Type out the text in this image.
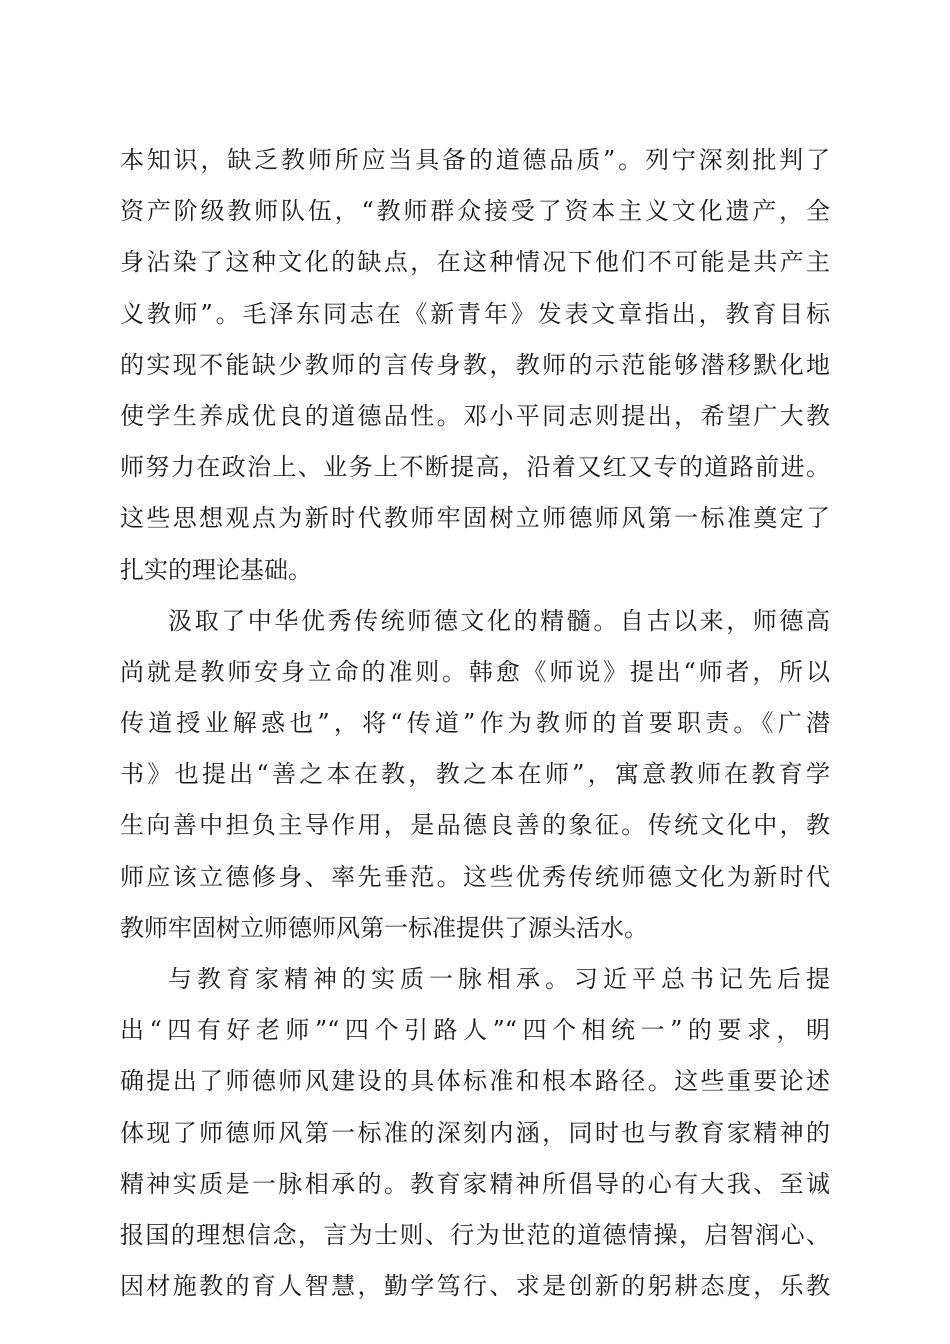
本知识，缺乏教师所应当具备的道德品质”。列宁深刻批判了
资产阶级教师队伍，“教师群众接受了资本主义文化遗产，全
身沾染了这种文化的缺点，在这种情况下他们不可能是共产主
义教师”。毛泽东同志在《新青年》发表文章指出，教育目标
的实现不能缺少教师的言传身教，教师的示范能够潜移默化地
使学生养成优良的道德品性。邓小平同志则提出，希望广大教
师努力在政治上、业务上不断提高，沿着又红又专的道路前进。
这些思想观点为新时代教师牢固树立师德师风第一标准奠定了
扎实的理论基础。
汲取了中华优秀传统师德文化的精髓。自古以来，师德高
尚就是教师安身立命的准则。韩愈《师说》提出“师者，所以
传道授业解惑也”，将“传道”作为教师的首要职责。《广潜
书》也提出“善之本在教，教之本在师”，寓意教师在教育学
生向善中担负主导作用，是品德良善的象征。传统文化中，教
师应该立德修身、率先垂范。这些优秀传统师德文化为新时代
教师牢固树立师德师风第一标准提供了源头活水。
与教育家精神的实质一脉相承。习近平总书记先后提
出“四有好老师”“四个引路人”“四个相统一”的要求，明
确提出了师德师风建设的具体标准和根本路径。这些重要论述
体现了师德师风第一标准的深刻内涵，同时也与教育家精神的
精神实质是一脉相承的。教育家精神所倡导的心有大我、至诚
报国的理想信念，言为士则、行为世范的道德情操，启智润心、
因材施教的育人智慧，勤学笃行、求是创新的躬耕态度，乐教
